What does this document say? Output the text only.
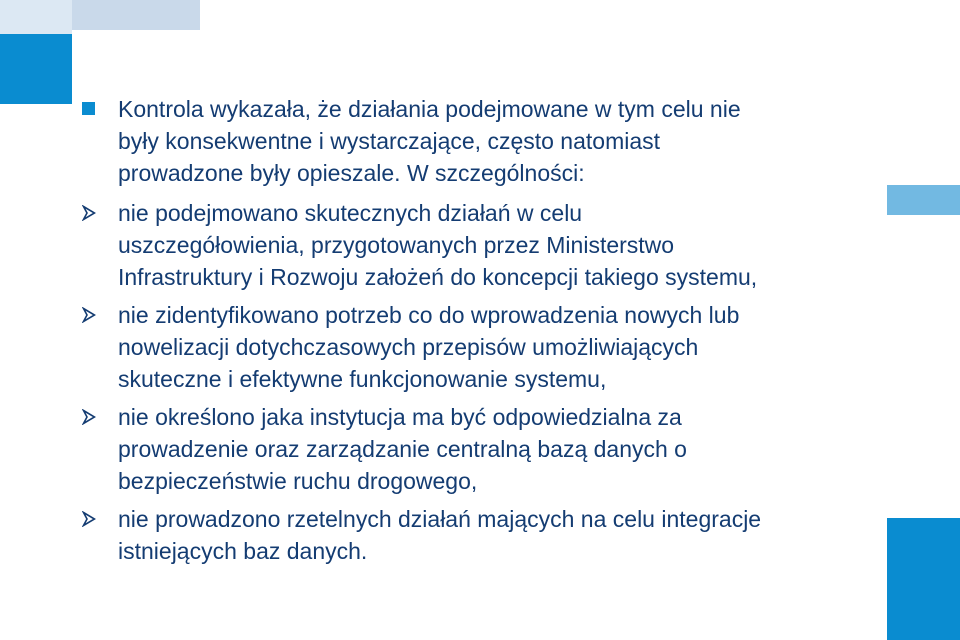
Kontrola wykazała, że działania podejmowane w tym celu nie
były konsekwentne i wystarczające, często natomiast
prowadzone były opieszale. W szczególności:
nie podejmowano skutecznych działań w celu
uszczegółowienia, przygotowanych przez Ministerstwo
Infrastruktury i Rozwoju założeń do koncepcji takiego systemu,
nie zidentyfikowano potrzeb co do wprowadzenia nowych lub
nowelizacji dotychczasowych przepisów umożliwiających
skuteczne i efektywne funkcjonowanie systemu,
nie określono jaka instytucja ma być odpowiedzialna za
prowadzenie oraz zarządzanie centralną bazą danych o
bezpieczeństwie ruchu drogowego,
nie prowadzono rzetelnych działań mających na celu integracje
istniejących baz danych.
